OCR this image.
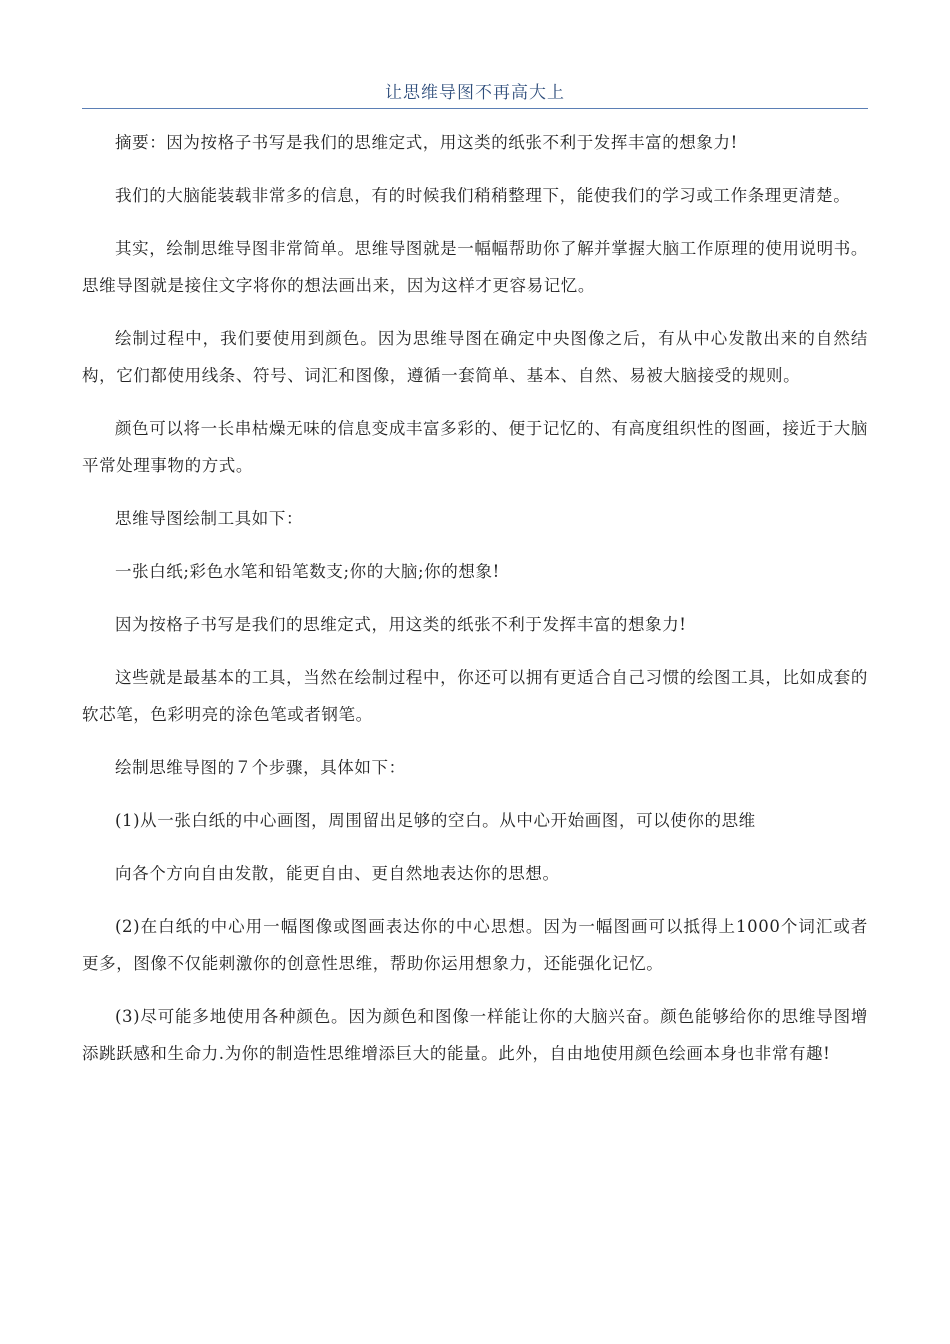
让思维导图不再高大上

摘要：因为按格子书写是我们的思维定式，用这类的纸张不利于发挥丰富的想象力!

我们的大脑能装载非常多的信息，有的时候我们稍稍整理下，能使我们的学习或工作条理更清楚。

其实，绘制思维导图非常简单。思维导图就是一幅幅帮助你了解并掌握大脑工作原理的使用说明书。思维导图就是接住文字将你的想法画出来，因为这样才更容易记忆。

绘制过程中，我们要使用到颜色。因为思维导图在确定中央图像之后，有从中心发散出来的自然结构，它们都使用线条、符号、词汇和图像，遵循一套简单、基本、自然、易被大脑接受的规则。

颜色可以将一长串枯燥无味的信息变成丰富多彩的、便于记忆的、有高度组织性的图画，接近于大脑平常处理事物的方式。

思维导图绘制工具如下：

一张白纸;彩色水笔和铅笔数支;你的大脑;你的想象!

因为按格子书写是我们的思维定式，用这类的纸张不利于发挥丰富的想象力!

这些就是最基本的工具，当然在绘制过程中，你还可以拥有更适合自己习惯的绘图工具，比如成套的软芯笔，色彩明亮的涂色笔或者钢笔。

绘制思维导图的７个步骤，具体如下：

(1)从一张白纸的中心画图，周围留出足够的空白。从中心开始画图，可以使你的思维

向各个方向自由发散，能更自由、更自然地表达你的思想。

(2)在白纸的中心用一幅图像或图画表达你的中心思想。因为一幅图画可以抵得上1000个词汇或者更多，图像不仅能刺激你的创意性思维，帮助你运用想象力，还能强化记忆。

(3)尽可能多地使用各种颜色。因为颜色和图像一样能让你的大脑兴奋。颜色能够给你的思维导图增添跳跃感和生命力.为你的制造性思维增添巨大的能量。此外，自由地使用颜色绘画本身也非常有趣!
